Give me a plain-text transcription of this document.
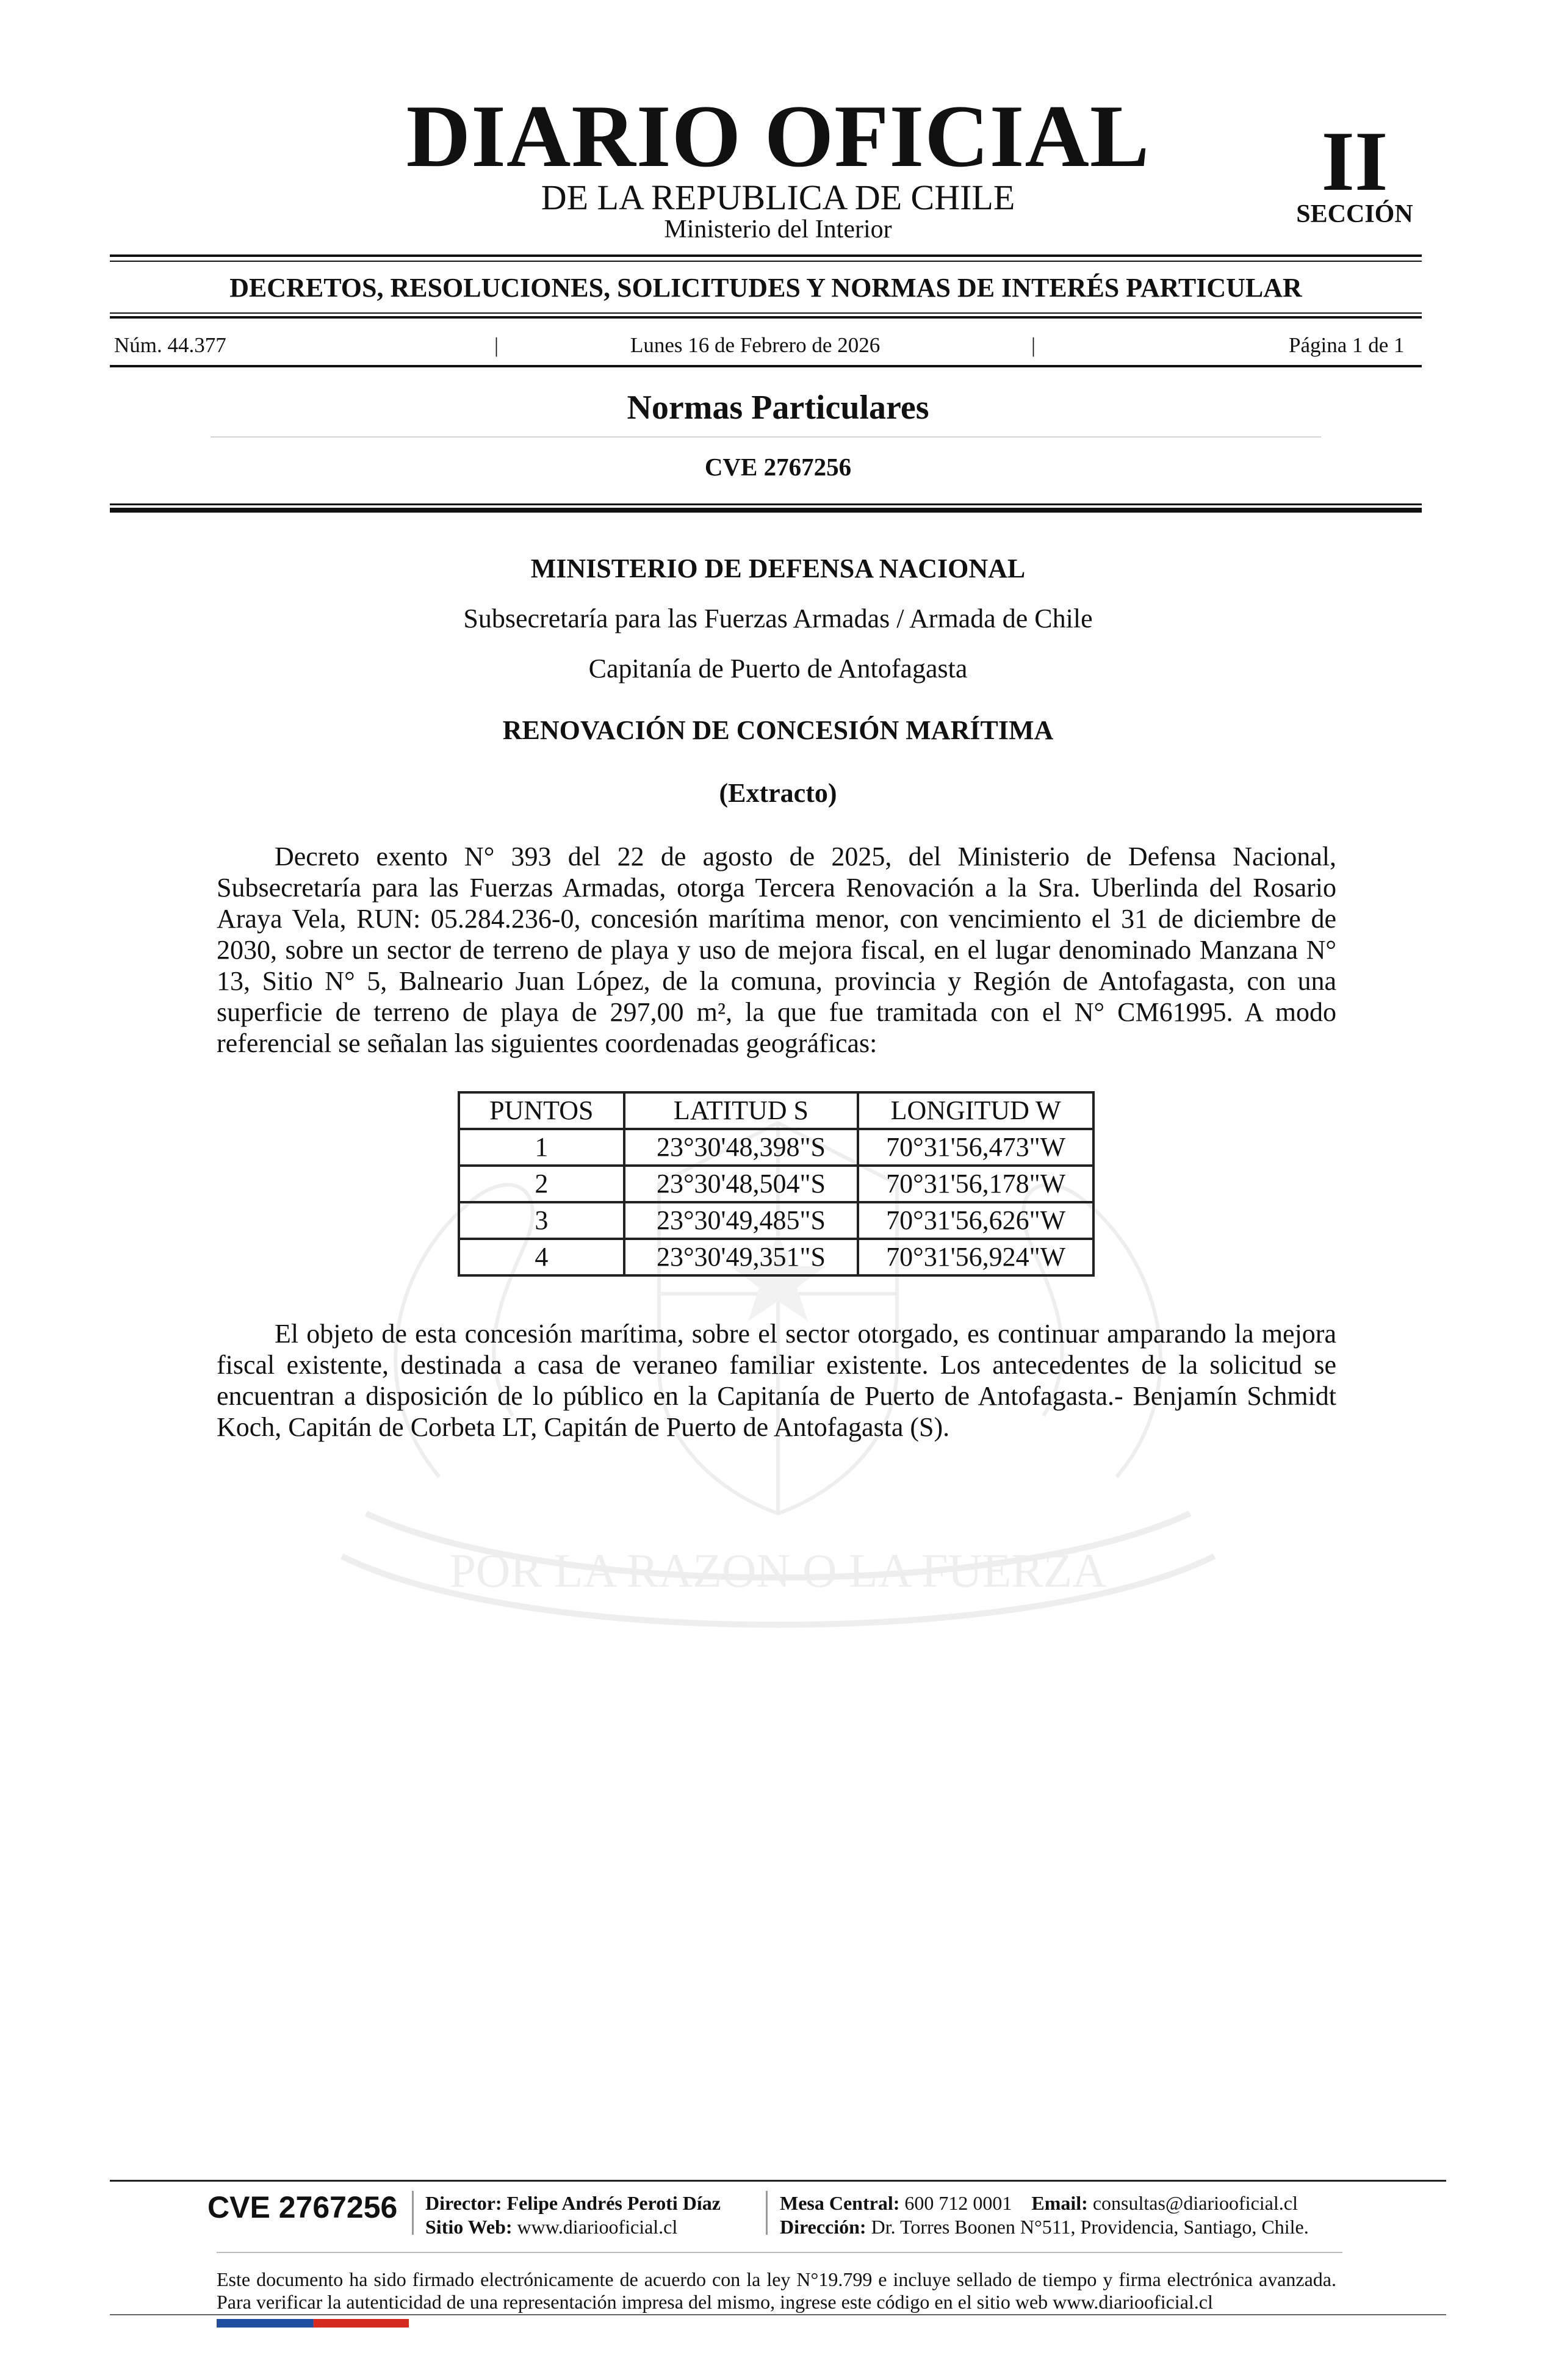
POR LA RAZON O LA FUERZA
DIARIO OFICIAL
DE LA REPUBLICA DE CHILE
Ministerio del Interior
II
SECCIÓN
DECRETOS, RESOLUCIONES, SOLICITUDES Y NORMAS DE INTERÉS PARTICULAR
Núm. 44.377	|	Lunes 16 de Febrero de 2026	|	Página 1 de 1
Normas Particulares
CVE 2767256
MINISTERIO DE DEFENSA NACIONAL
Subsecretaría para las Fuerzas Armadas / Armada de Chile
Capitanía de Puerto de Antofagasta
RENOVACIÓN DE CONCESIÓN MARÍTIMA
(Extracto)
Decreto exento N° 393 del 22 de agosto de 2025, del Ministerio de Defensa Nacional, Subsecretaría para las Fuerzas Armadas, otorga Tercera Renovación a la Sra. Uberlinda del Rosario Araya Vela, RUN: 05.284.236-0, concesión marítima menor, con vencimiento el 31 de diciembre de 2030, sobre un sector de terreno de playa y uso de mejora fiscal, en el lugar denominado Manzana N° 13, Sitio N° 5, Balneario Juan López, de la comuna, provincia y Región de Antofagasta, con una superficie de terreno de playa de 297,00 m², la que fue tramitada con el N° CM61995. A modo referencial se señalan las siguientes coordenadas geográficas:
PUNTOS	LATITUD S	LONGITUD W
1	23°30'48,398"S	70°31'56,473"W
2	23°30'48,504"S	70°31'56,178"W
3	23°30'49,485"S	70°31'56,626"W
4	23°30'49,351"S	70°31'56,924"W
El objeto de esta concesión marítima, sobre el sector otorgado, es continuar amparando la mejora fiscal existente, destinada a casa de veraneo familiar existente. Los antecedentes de la solicitud se encuentran a disposición de lo público en la Capitanía de Puerto de Antofagasta.- Benjamín Schmidt Koch, Capitán de Corbeta LT, Capitán de Puerto de Antofagasta (S).
CVE 2767256 Director: Felipe Andrés Peroti Díaz
Sitio Web: www.diariooficial.cl
Mesa Central: 600 712 0001 Email: consultas@diariooficial.cl
Dirección: Dr. Torres Boonen N°511, Providencia, Santiago, Chile.
Este documento ha sido firmado electrónicamente de acuerdo con la ley N°19.799 e incluye sellado de tiempo y firma electrónica avanzada. Para verificar la autenticidad de una representación impresa del mismo, ingrese este código en el sitio web www.diariooficial.cl
